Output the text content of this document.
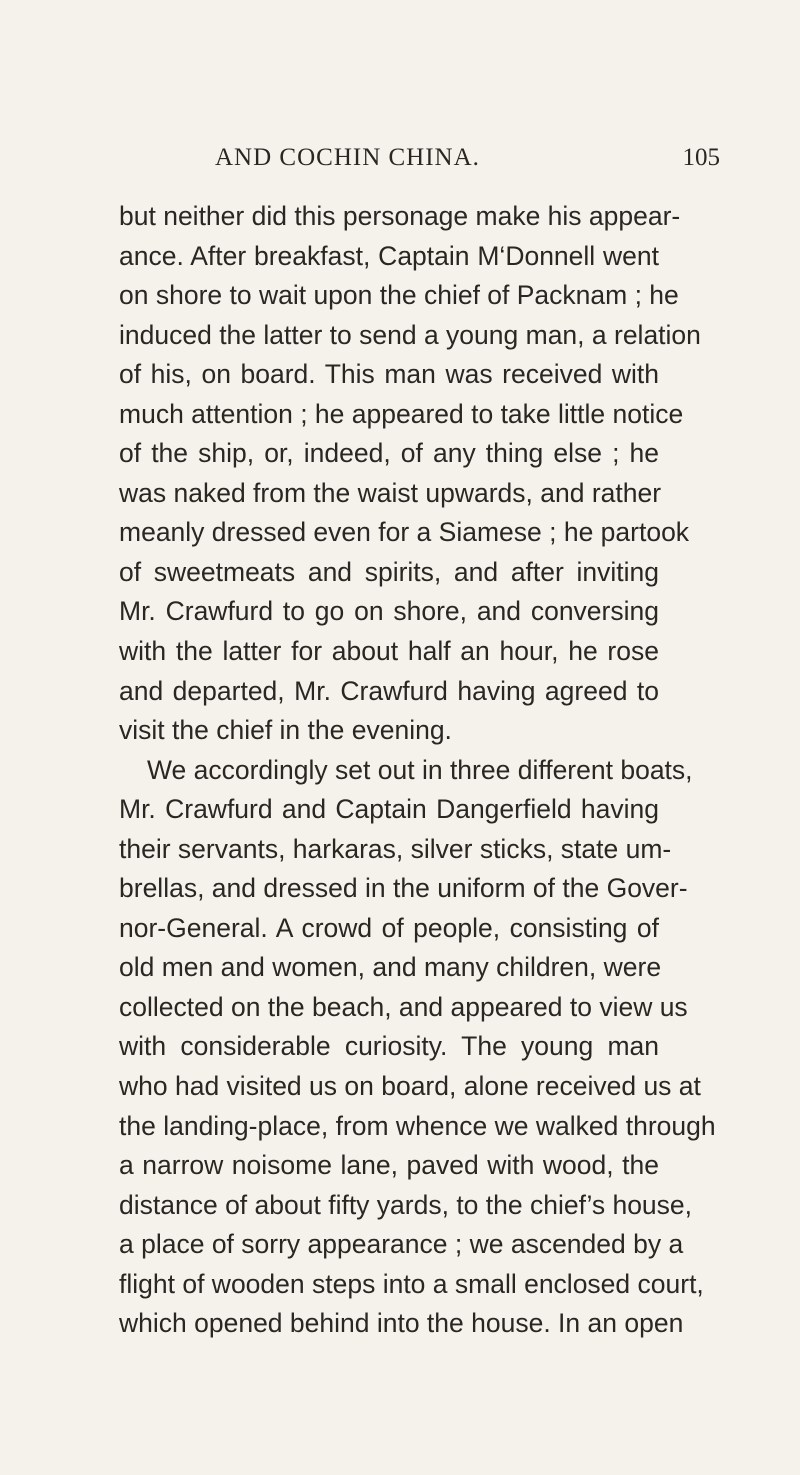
AND COCHIN CHINA.	105
but neither did this personage make his appear-
ance. After breakfast, Captain M‘Donnell went
on shore to wait upon the chief of Packnam ; he
induced the latter to send a young man, a relation
of his, on board. This man was received with
much attention ; he appeared to take little notice
of the ship, or, indeed, of any thing else ; he
was naked from the waist upwards, and rather
meanly dressed even for a Siamese ; he partook
of sweetmeats and spirits, and after inviting
Mr. Crawfurd to go on shore, and conversing
with the latter for about half an hour, he rose
and departed, Mr. Crawfurd having agreed to
visit the chief in the evening.
We accordingly set out in three different boats,
Mr. Crawfurd and Captain Dangerfield having
their servants, harkaras, silver sticks, state um-
brellas, and dressed in the uniform of the Gover-
nor-General. A crowd of people, consisting of
old men and women, and many children, were
collected on the beach, and appeared to view us
with considerable curiosity. The young man
who had visited us on board, alone received us at
the landing-place, from whence we walked through
a narrow noisome lane, paved with wood, the
distance of about fifty yards, to the chief’s house,
a place of sorry appearance ; we ascended by a
flight of wooden steps into a small enclosed court,
which opened behind into the house. In an open
